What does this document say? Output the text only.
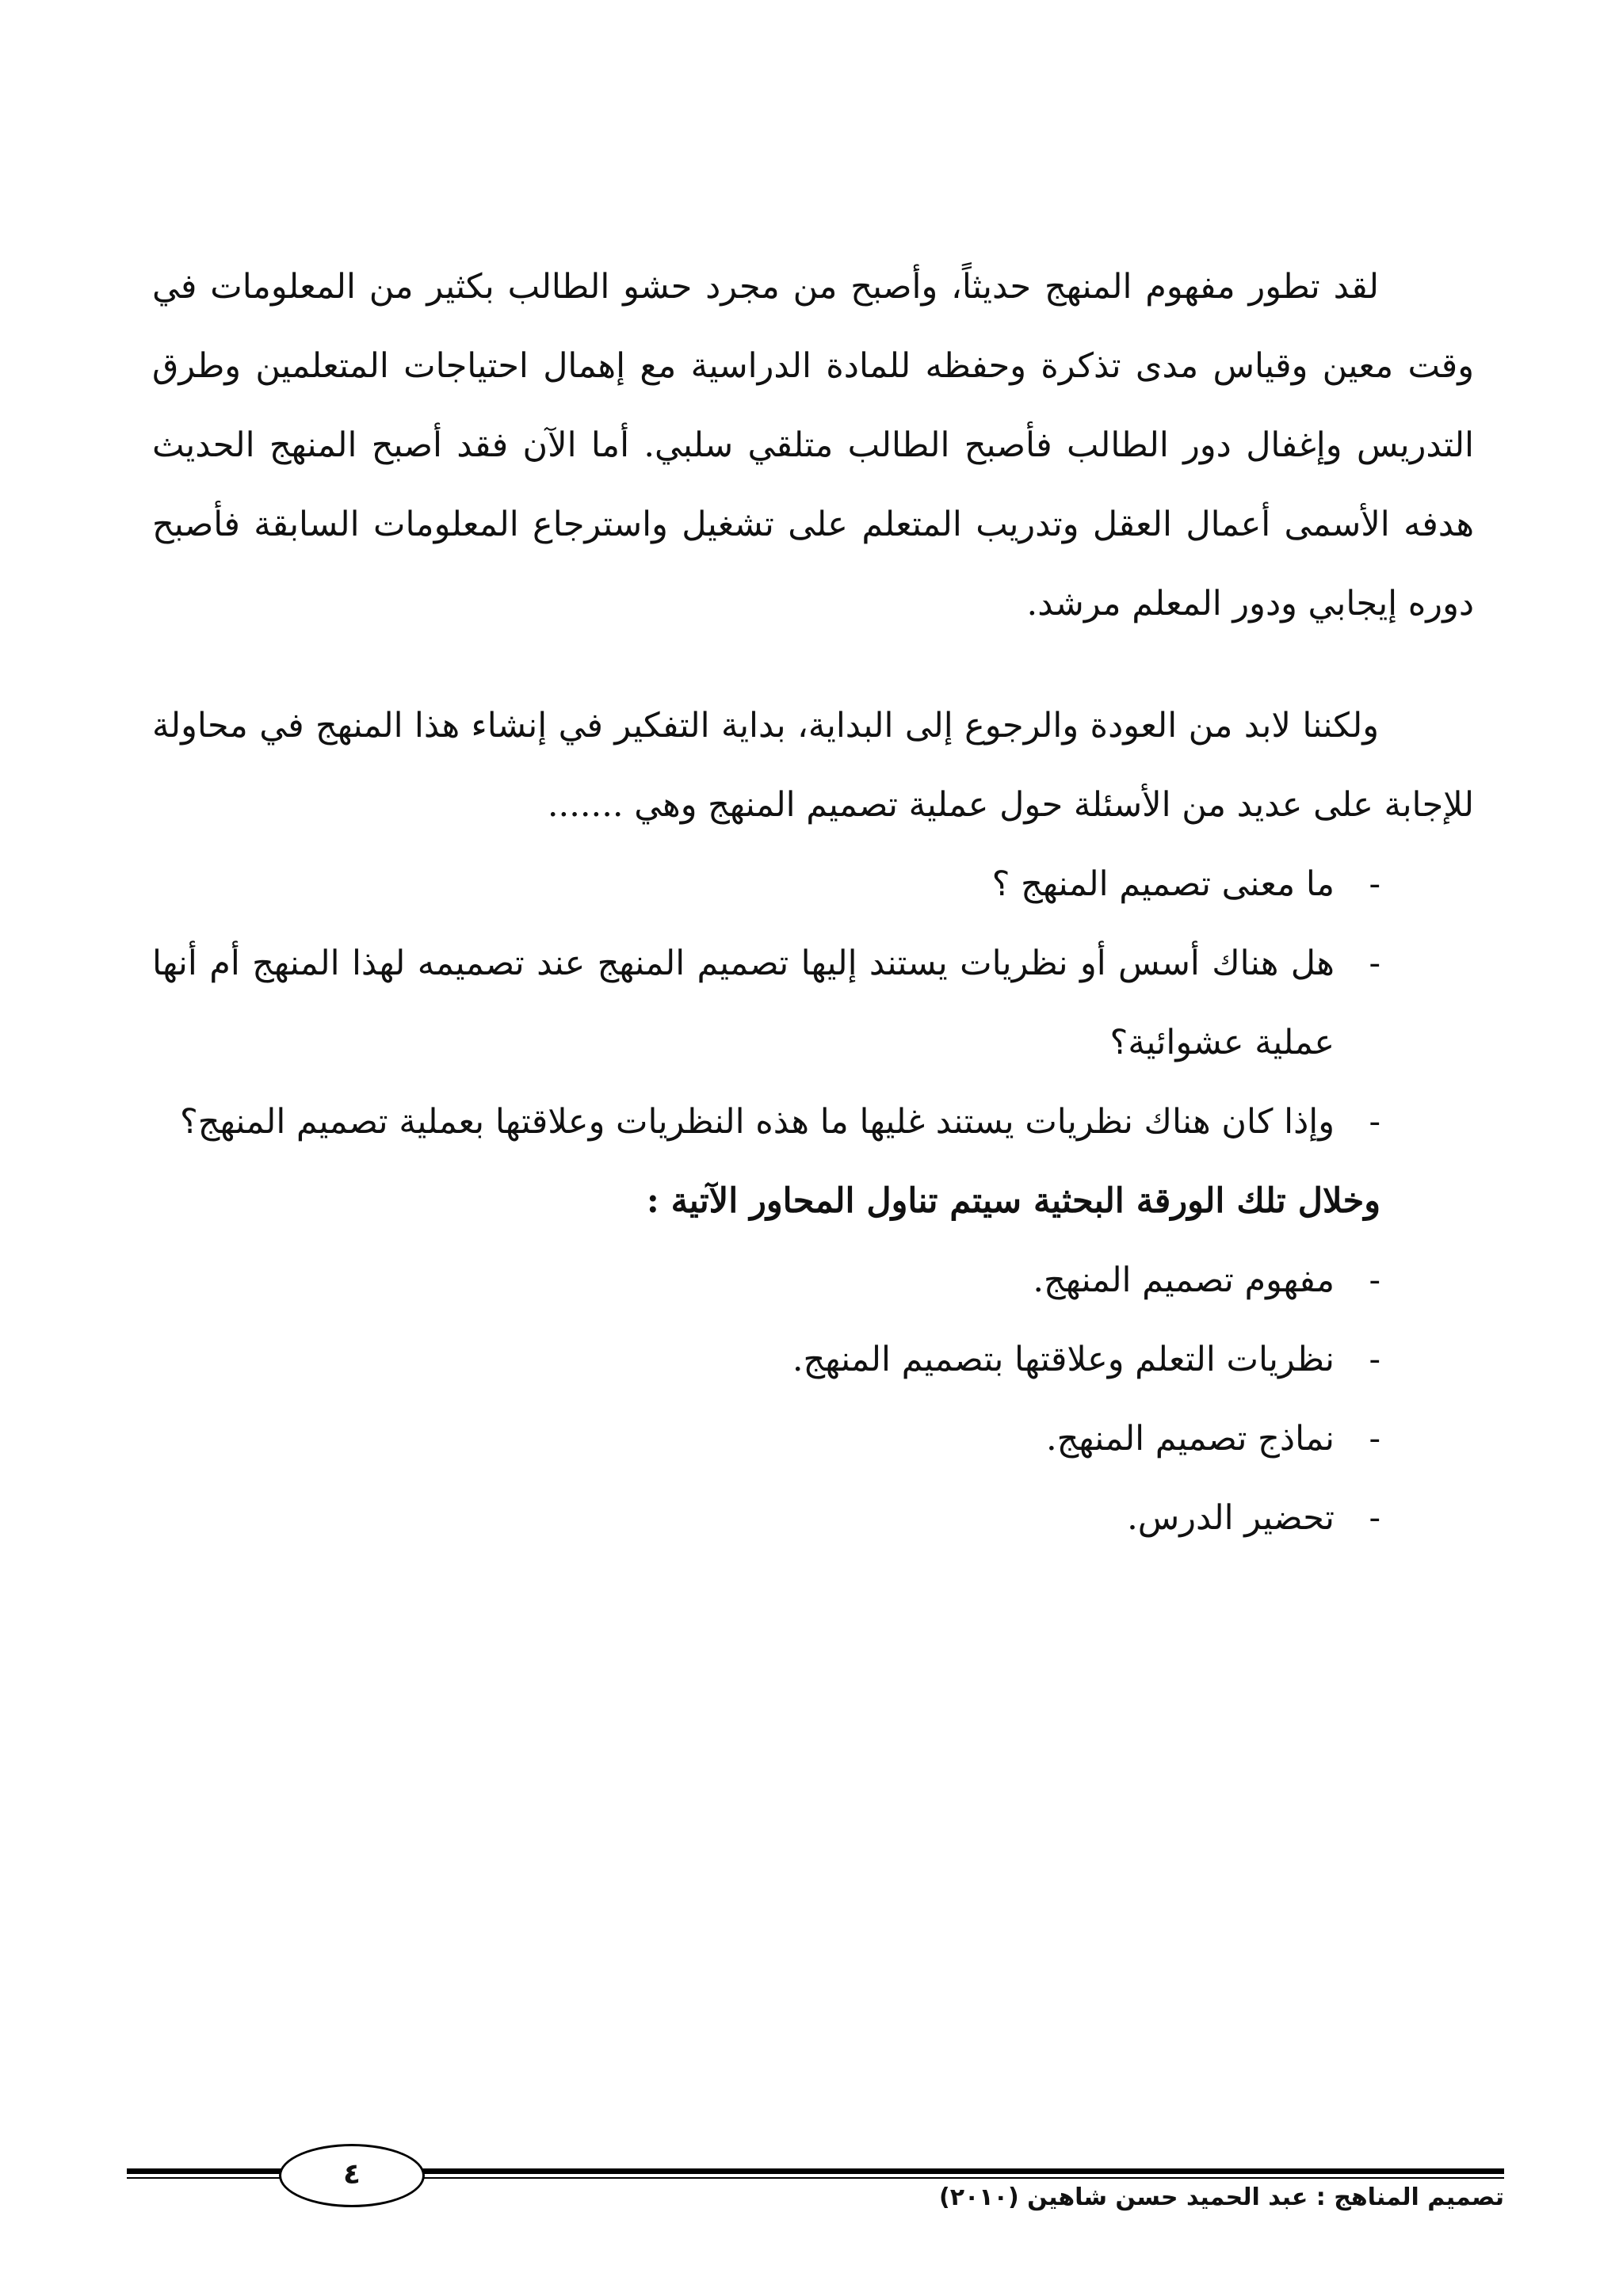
لقد تطور مفهوم المنهج حديثاً، وأصبح من مجرد حشو الطالب بكثير من المعلومات في وقت معين وقياس مدى تذكرة وحفظه للمادة الدراسية مع إهمال احتياجات المتعلمين وطرق التدريس وإغفال دور الطالب فأصبح الطالب متلقي سلبي. أما الآن فقد أصبح المنهج الحديث هدفه الأسمى أعمال العقل وتدريب المتعلم على تشغيل واسترجاع المعلومات السابقة فأصبح دوره إيجابي ودور المعلم مرشد.

ولكننا لابد من العودة والرجوع إلى البداية، بداية التفكير في إنشاء هذا المنهج في محاولة للإجابة على عديد من الأسئلة حول عملية تصميم المنهج وهي .......

-
ما معنى تصميم المنهج ؟
-
هل هناك أسس أو نظريات يستند إليها تصميم المنهج عند تصميمه لهذا المنهج أم أنها عملية عشوائية؟
-
وإذا كان هناك نظريات يستند غليها ما هذه النظريات وعلاقتها بعملية تصميم المنهج؟

وخلال تلك الورقة البحثية سيتم تناول المحاور الآتية :

-
مفهوم تصميم المنهج.
-
نظريات التعلم وعلاقتها بتصميم المنهج.
-
نماذج تصميم المنهج.
-
تحضير الدرس.
٤
تصميم المناهج : عبد الحميد حسن شاهين (٢٠١٠)
